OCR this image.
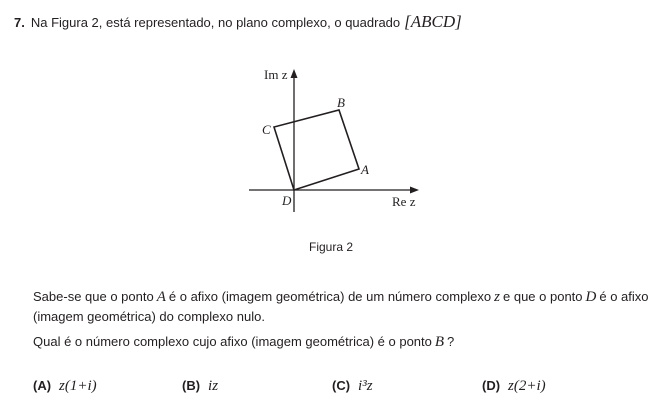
7. Na Figura 2, está representado, no plano complexo, o quadrado [ABCD]
Im z
Re z
A
B
C
D
Figura 2
Sabe-se que o ponto A é o afixo (imagem geométrica) de um número complexo z e que o ponto D é o afixo (imagem geométrica) do complexo nulo.
Qual é o número complexo cujo afixo (imagem geométrica) é o ponto B ?
(A) z(1+i)	(B) iz	(C) i³z	(D) z(2+i)
